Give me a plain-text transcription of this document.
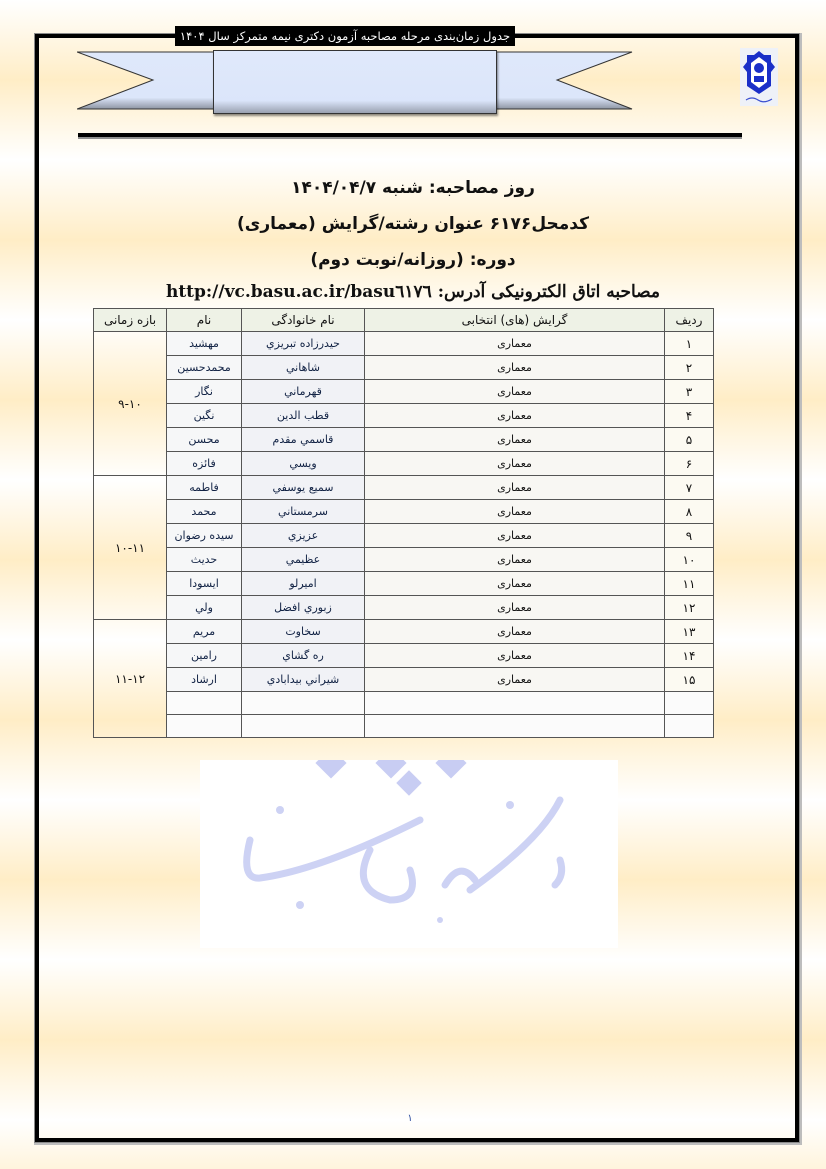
جدول زمان‌بندی مرحله مصاحبه آزمون دکتری نیمه متمرکز سال ۱۴۰۴
روز مصاحبه: شنبه ۱۴۰۴/۰۴/۷
کدمحل۶۱۷۶ عنوان رشته/گرایش (معماری)
دوره: (روزانه/نوبت دوم)
مصاحبه اتاق الکترونیکی آدرس: http://vc.basu.ac.ir/basu٦١٧٦
ردیف	گرایش (های) انتخابی	نام خانوادگی	نام	بازه زمانی
۱	معماری	حيدرزاده تبريزي	مهشيد	۹-۱۰
۲	معماری	شاهاني	محمدحسين	
۳	معماری	قهرماني	نگار	
۴	معماری	قطب الدين	نگين	
۵	معماری	قاسمي مقدم	محسن	
۶	معماری	ويسي	فائزه	
۷	معماری	سميع يوسفي	فاطمه	۱۰-۱۱
۸	معماری	سرمستاني	محمد	
۹	معماری	عزيزي	سيده رضوان	
۱۰	معماری	عظيمي	حديث	
۱۱	معماری	اميرلو	ايسودا	
۱۲	معماری	زبوري افضل	ولي	
۱۳	معماری	سخاوت	مريم	۱۱-۱۲
۱۴	معماری	ره گشاي	رامين	
۱۵	معماری	شيراني بيدابادي	ارشاد	

۱
